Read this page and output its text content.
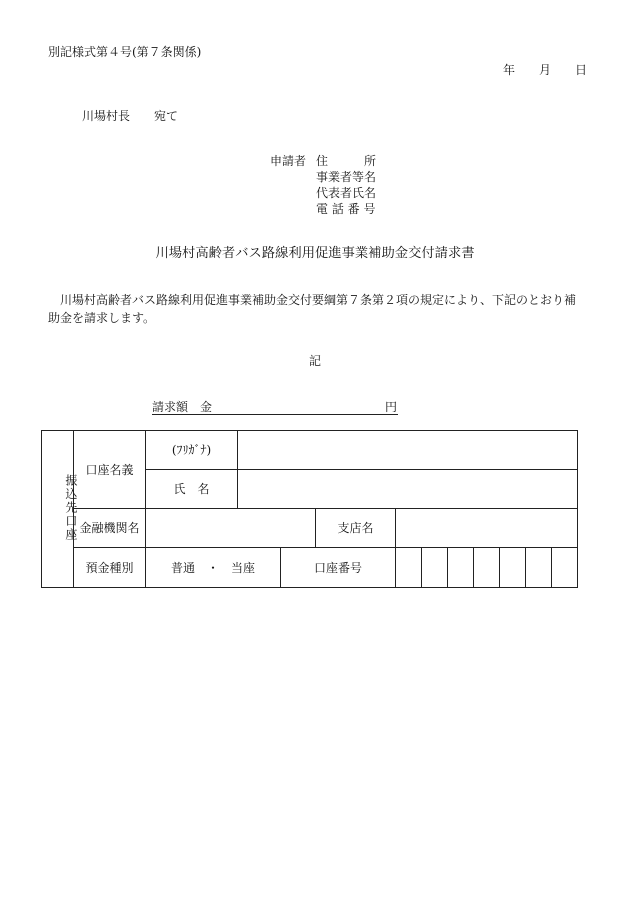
別記様式第４号(第７条関係)
年　　月　　日
川場村長　　宛て
申請者 住　　　所
事業者等名
代表者氏名
電 話 番 号
川場村高齢者バス路線利用促進事業補助金交付請求書
　川場村高齢者バス路線利用促進事業補助金交付要綱第７条第２項の規定により、下記のとおり補助金を請求します。
記
請求額　金	円

振込先口座	口座名義	(ﾌﾘｶﾞﾅ)										
		氏　名										
	金融機関名				支店名							
	預金種別	普通　・　当座		口座番号								
